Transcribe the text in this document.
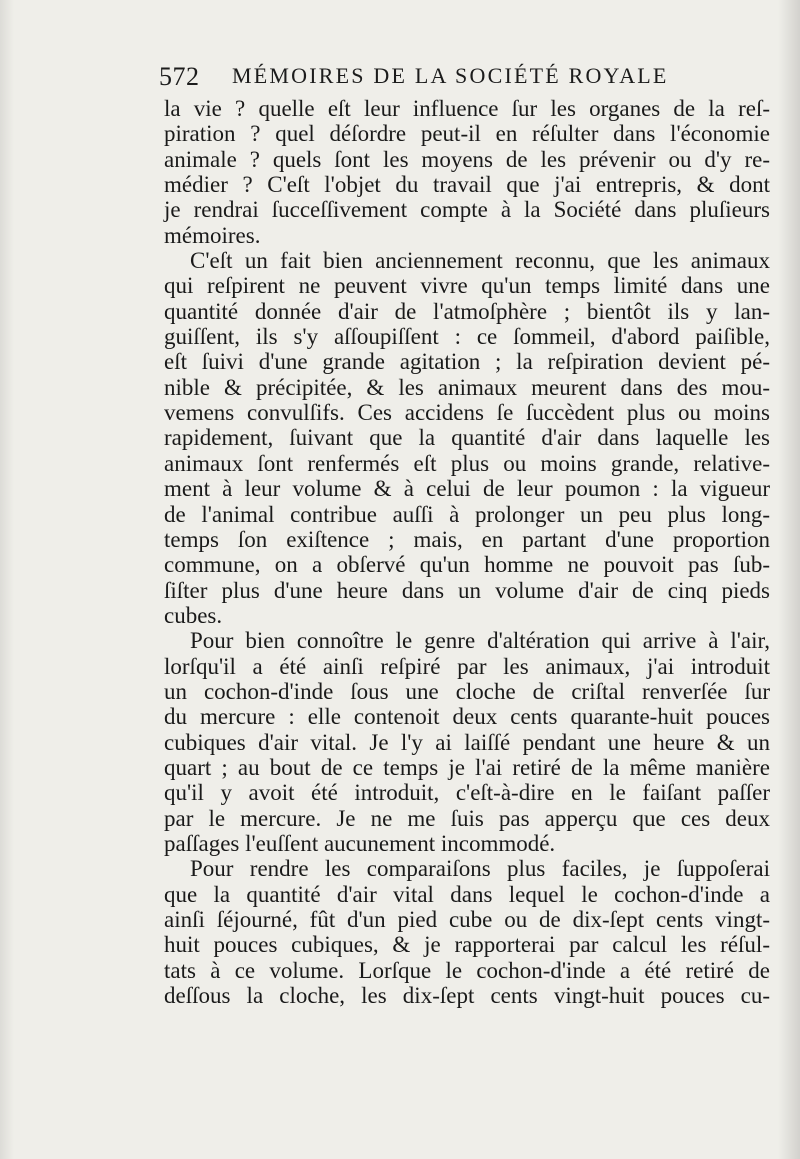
572 MÉMOIRES DE LA SOCIÉTÉ ROYALE
la vie ? quelle eſt leur influence ſur les organes de la reſ-
piration ? quel déſordre peut-il en réſulter dans l'économie
animale ? quels ſont les moyens de les prévenir ou d'y re-
médier ? C'eſt l'objet du travail que j'ai entrepris, & dont
je rendrai ſucceſſivement compte à la Société dans pluſieurs
mémoires.
C'eſt un fait bien anciennement reconnu, que les animaux
qui reſpirent ne peuvent vivre qu'un temps limité dans une
quantité donnée d'air de l'atmoſphère ; bientôt ils y lan-
guiſſent, ils s'y aſſoupiſſent : ce ſommeil, d'abord paiſible,
eſt ſuivi d'une grande agitation ; la reſpiration devient pé-
nible & précipitée, & les animaux meurent dans des mou-
vemens convulſifs. Ces accidens ſe ſuccèdent plus ou moins
rapidement, ſuivant que la quantité d'air dans laquelle les
animaux ſont renfermés eſt plus ou moins grande, relative-
ment à leur volume & à celui de leur poumon : la vigueur
de l'animal contribue auſſi à prolonger un peu plus long-
temps ſon exiſtence ; mais, en partant d'une proportion
commune, on a obſervé qu'un homme ne pouvoit pas ſub-
ſiſter plus d'une heure dans un volume d'air de cinq pieds
cubes.
Pour bien connoître le genre d'altération qui arrive à l'air,
lorſqu'il a été ainſi reſpiré par les animaux, j'ai introduit
un cochon-d'inde ſous une cloche de criſtal renverſée ſur
du mercure : elle contenoit deux cents quarante-huit pouces
cubiques d'air vital. Je l'y ai laiſſé pendant une heure & un
quart ; au bout de ce temps je l'ai retiré de la même manière
qu'il y avoit été introduit, c'eſt-à-dire en le faiſant paſſer
par le mercure. Je ne me ſuis pas apperçu que ces deux
paſſages l'euſſent aucunement incommodé.
Pour rendre les comparaiſons plus faciles, je ſuppoſerai
que la quantité d'air vital dans lequel le cochon-d'inde a
ainſi ſéjourné, fût d'un pied cube ou de dix-ſept cents vingt-
huit pouces cubiques, & je rapporterai par calcul les réſul-
tats à ce volume. Lorſque le cochon-d'inde a été retiré de
deſſous la cloche, les dix-ſept cents vingt-huit pouces cu-
